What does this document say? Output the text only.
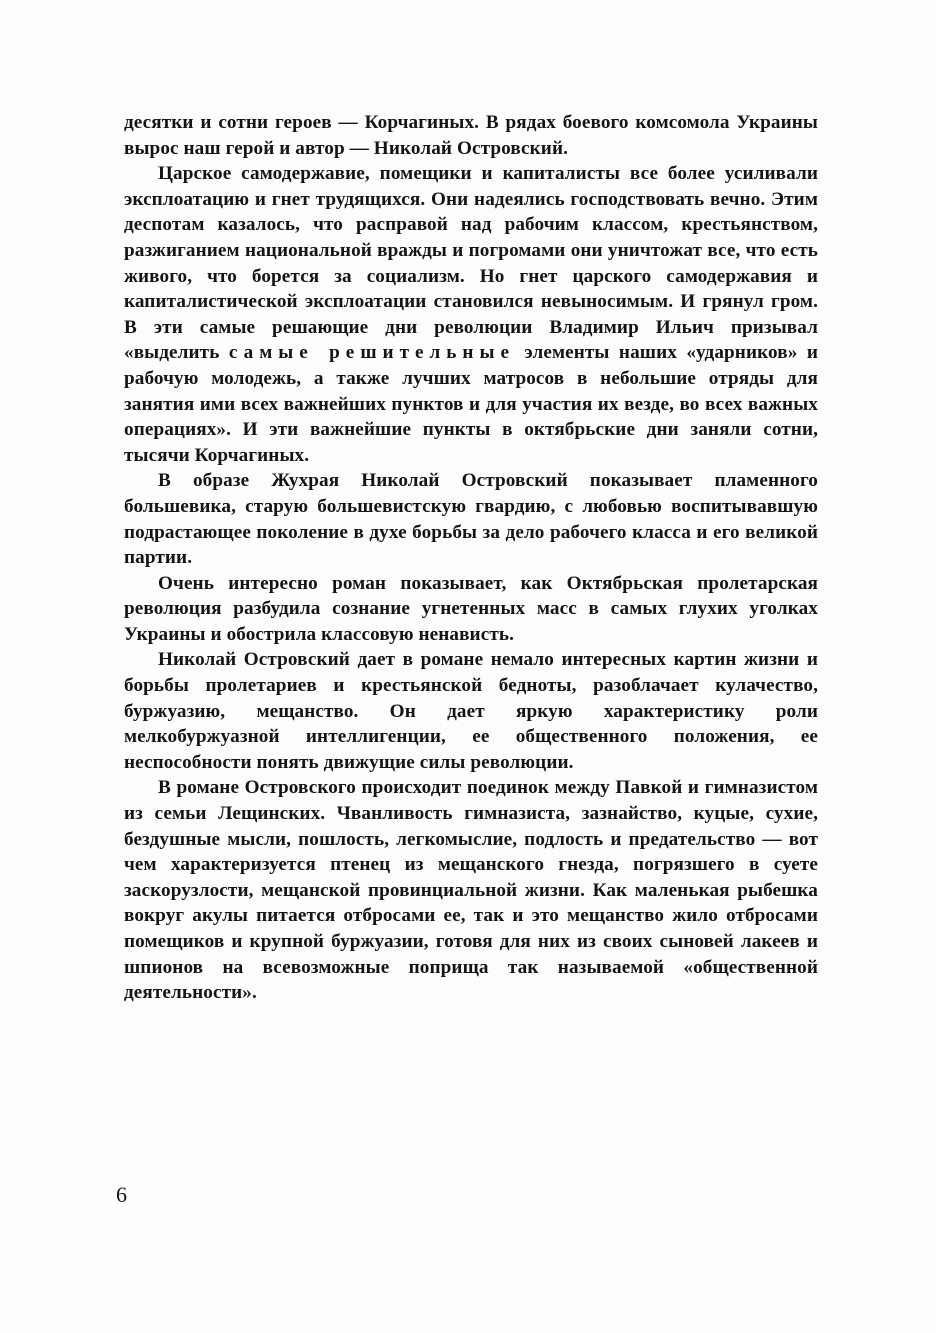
десятки и сотни героев — Корчагиных. В рядах боевого комсомола Украины вырос наш герой и автор — Николай Островский.

Царское самодержавие, помещики и капиталисты все более усиливали эксплоатацию и гнет трудящихся. Они надеялись господствовать вечно. Этим деспотам казалось, что расправой над рабочим классом, крестьянством, разжиганием национальной вражды и погромами они уничтожат все, что есть живого, что борется за социализм. Но гнет царского самодержавия и капиталистической эксплоатации становился невыносимым. И грянул гром. В эти самые решающие дни революции Владимир Ильич призывал «выделить самые решительные элементы наших «ударников» и рабочую молодежь, а также лучших матросов в небольшие отряды для занятия ими всех важнейших пунктов и для участия их везде, во всех важных операциях». И эти важнейшие пункты в октябрьские дни заняли сотни, тысячи Корчагиных.

В образе Жухрая Николай Островский показывает пламенного большевика, старую большевистскую гвардию, с любовью воспитывавшую подрастающее поколение в духе борьбы за дело рабочего класса и его великой партии.

Очень интересно роман показывает, как Октябрьская пролетарская революция разбудила сознание угнетенных масс в самых глухих уголках Украины и обострила классовую ненависть.

Николай Островский дает в романе немало интересных картин жизни и борьбы пролетариев и крестьянской бедноты, разоблачает кулачество, буржуазию, мещанство. Он дает яркую характеристику роли мелкобуржуазной интеллигенции, ее общественного положения, ее неспособности понять движущие силы революции.

В романе Островского происходит поединок между Павкой и гимназистом из семьи Лещинских. Чванливость гимназиста, зазнайство, куцые, сухие, бездушные мысли, пошлость, легкомыслие, подлость и предательство — вот чем характеризуется птенец из мещанского гнезда, погрязшего в суете заскорузлости, мещанской провинциальной жизни. Как маленькая рыбешка вокруг акулы питается отбросами ее, так и это мещанство жило отбросами помещиков и крупной буржуазии, готовя для них из своих сыновей лакеев и шпионов на всевозможные поприща так называемой «общественной деятельности».

6
